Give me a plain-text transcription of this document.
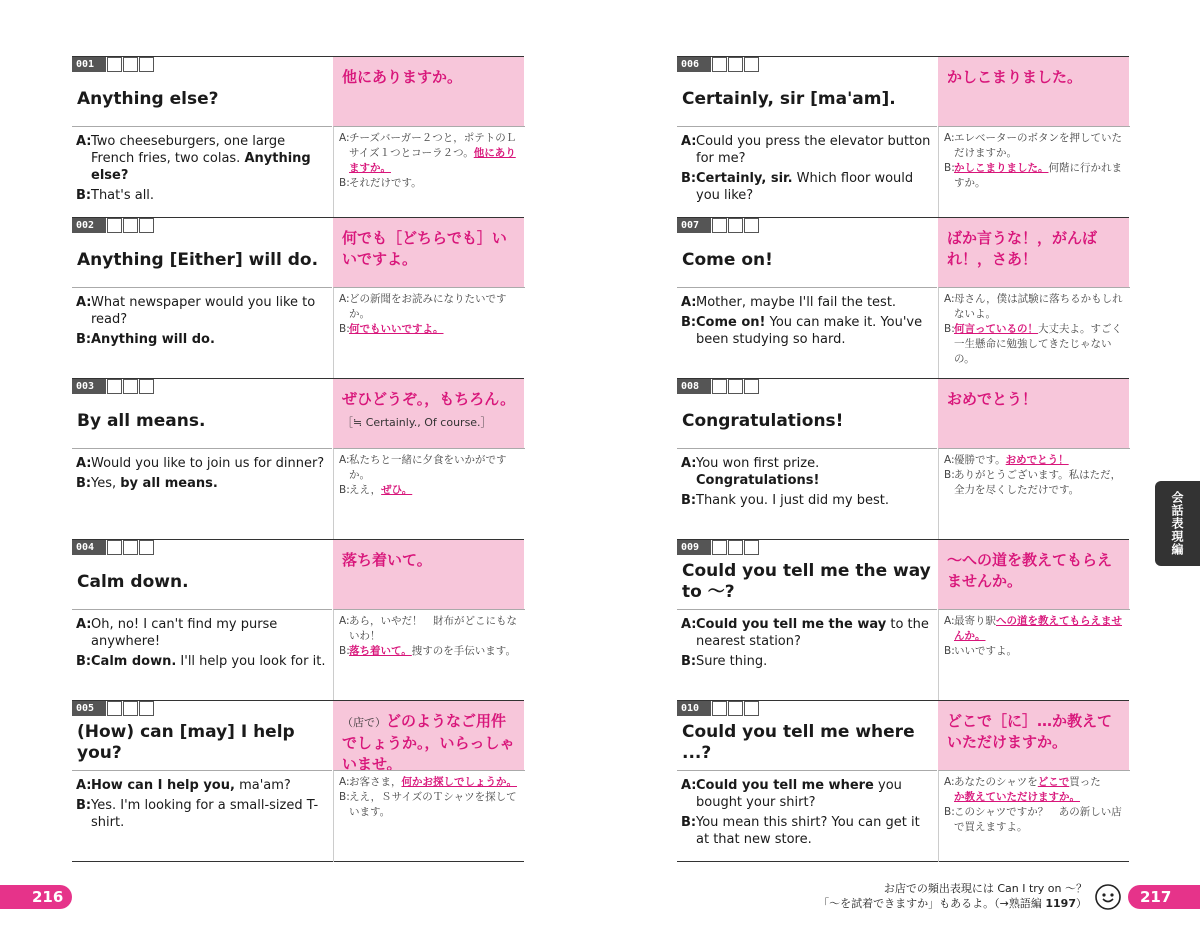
001
Anything else?
他にありますか。
A: Two cheeseburgers, one large French fries, two colas. Anything else?
B: That's all.
A: チーズバーガー２つと，ポテトのＬサイズ１つとコーラ２つ。他にありますか。
B: それだけです。
002
Anything [Either] will do.
何でも［どちらでも］いいですよ。
A: What newspaper would you like to read?
B: Anything will do.
A: どの新聞をお読みになりたいですか。
B: 何でもいいですよ。
003
By all means.
ぜひどうぞ。，もちろん。
［≒ Certainly., Of course.］
A: Would you like to join us for dinner?
B: Yes, by all means.
A: 私たちと一緒に夕食をいかがですか。
B: ええ，ぜひ。
004
Calm down.
落ち着いて。
A: Oh, no! I can't find my purse anywhere!
B: Calm down. I'll help you look for it.
A: あら，いやだ！　財布がどこにもないわ！
B: 落ち着いて。捜すのを手伝います。
005
(How) can [may] I help you?
（店で）どのようなご用件でしょうか。，いらっしゃいませ。
A: How can I help you, ma'am?
B: Yes. I'm looking for a small-sized T-shirt.
A: お客さま，何かお探しでしょうか。
B: ええ，ＳサイズのＴシャツを探しています。
006
Certainly, sir [ma'am].
かしこまりました。
A: Could you press the elevator button for me?
B: Certainly, sir. Which floor would you like?
A: エレベーターのボタンを押していただけますか。
B: かしこまりました。何階に行かれますか。
007
Come on!
ばか言うな！，がんばれ！，さあ！
A: Mother, maybe I'll fail the test.
B: Come on! You can make it. You've been studying so hard.
A: 母さん，僕は試験に落ちるかもしれないよ。
B: 何言っているの！大丈夫よ。すごく一生懸命に勉強してきたじゃないの。
008
Congratulations!
おめでとう！
A: You won first prize. Congratulations!
B: Thank you. I just did my best.
A: 優勝です。おめでとう！
B: ありがとうございます。私はただ，全力を尽くしただけです。
009
Could you tell me the way to ～?
～への道を教えてもらえませんか。
A: Could you tell me the way to the nearest station?
B: Sure thing.
A: 最寄り駅への道を教えてもらえませんか。
B: いいですよ。
010
Could you tell me where ...?
どこで［に］…か教えていただけますか。
A: Could you tell me where you bought your shirt?
B: You mean this shirt? You can get it at that new store.
A: あなたのシャツをどこで買った
か教えていただけますか。
B: このシャツですか？　あの新しい店で買えますよ。
216	217
お店での頻出表現には Can I try on ～？
「～を試着できますか」もあるよ。（→熟語編 1197）
会話表現編
